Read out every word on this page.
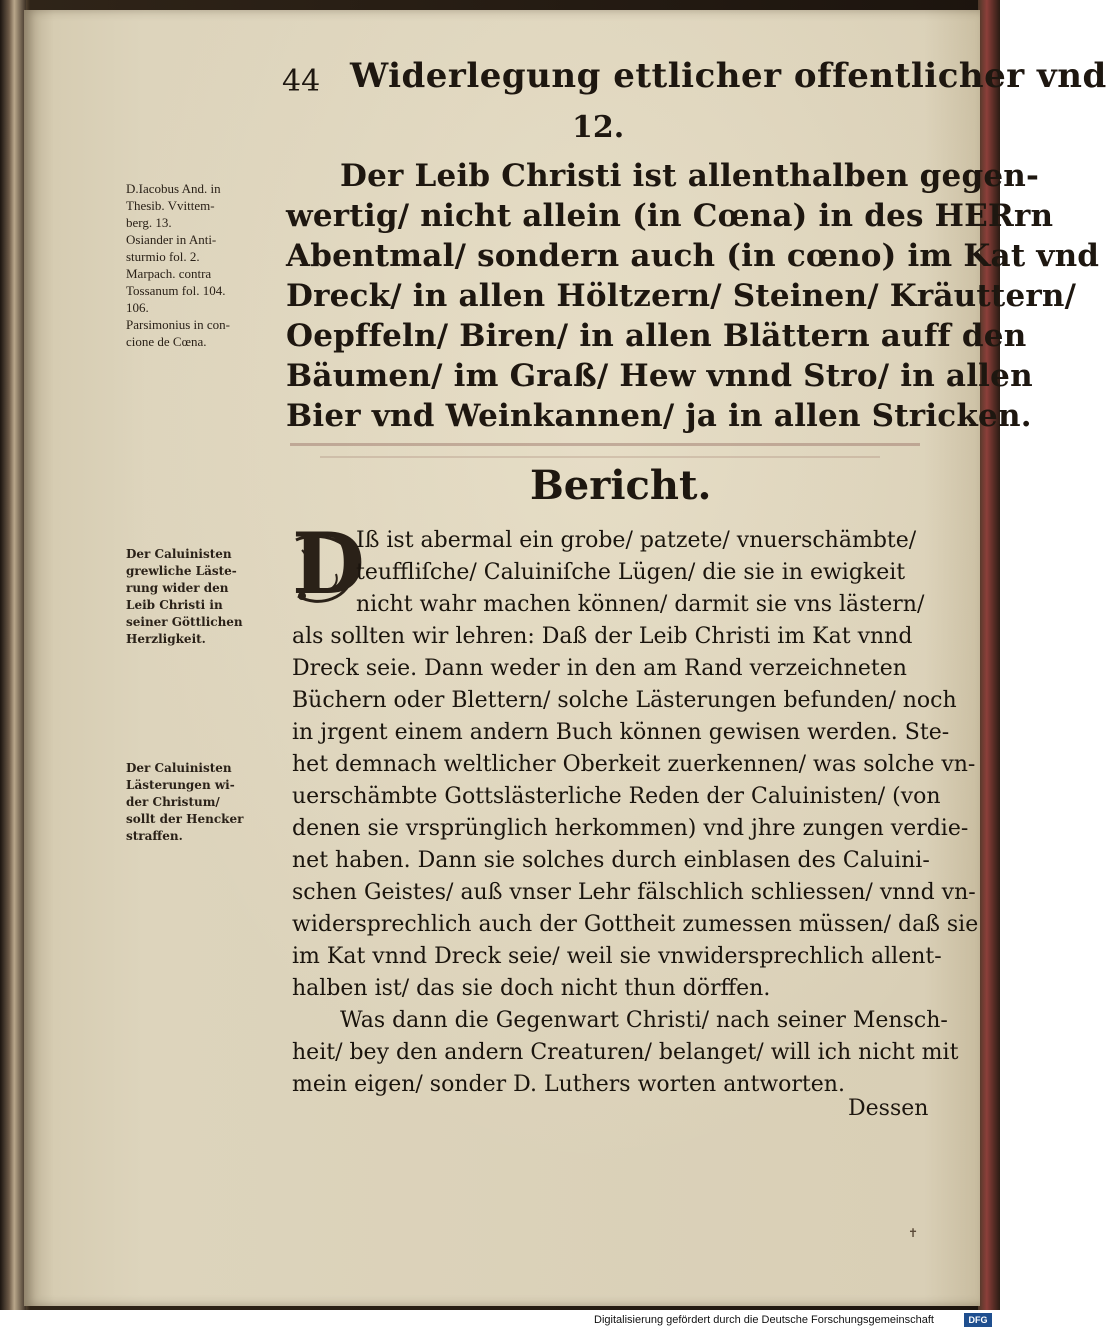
44 Widerlegung ettlicher offentlicher vnd
12.
Der Leib Christi ist allenthalben gegen-
wertig/ nicht allein (in Cœna) in des HERrn
Abentmal/ sondern auch (in cœno) im Kat vnd
Dreck/ in allen Höltzern/ Steinen/ Kräuttern/
Oepffeln/ Biren/ in allen Blättern auff den
Bäumen/ im Graß/ Hew vnnd Stro/ in allen
Bier vnd Weinkannen/ ja in allen Stricken.
Bericht.
D
Iß ist abermal ein grobe/ patzete/ vnuerschämbte/
teuffliſche/ Caluiniſche Lügen/ die sie in ewigkeit
nicht wahr machen können/ darmit sie vns lästern/
als sollten wir lehren: Daß der Leib Christi im Kat vnnd
Dreck seie. Dann weder in den am Rand verzeichneten
Büchern oder Blettern/ solche Lästerungen befunden/ noch
in jrgent einem andern Buch können gewisen werden. Ste-
het demnach weltlicher Oberkeit zuerkennen/ was solche vn-
uerschämbte Gottslästerliche Reden der Caluinisten/ (von
denen sie vrsprünglich herkommen) vnd jhre zungen verdie-
net haben. Dann sie solches durch einblasen des Caluini-
schen Geistes/ auß vnser Lehr fälschlich schliessen/ vnnd vn-
widersprechlich auch der Gottheit zumessen müssen/ daß sie
im Kat vnnd Dreck seie/ weil sie vnwidersprechlich allent-
halben ist/ das sie doch nicht thun dörffen.
Was dann die Gegenwart Christi/ nach seiner Mensch-
heit/ bey den andern Creaturen/ belanget/ will ich nicht mit
mein eigen/ sonder D. Luthers worten antworten.
Dessen
D.Iacobus And. in
Thesib. Vvittem-
berg. 13.
Osiander in Anti-
sturmio fol. 2.
Marpach. contra
Tossanum fol. 104.
106.
Parsimonius in con-
cione de Cœna.
Der Caluinisten
grewliche Läste-
rung wider den
Leib Christi in
seiner Göttlichen
Herzligkeit.
Der Caluinisten
Lästerungen wi-
der Christum/
sollt der Hencker
straffen.
✝
Digitalisierung gefördert durch die Deutsche Forschungsgemeinschaft	DFG
